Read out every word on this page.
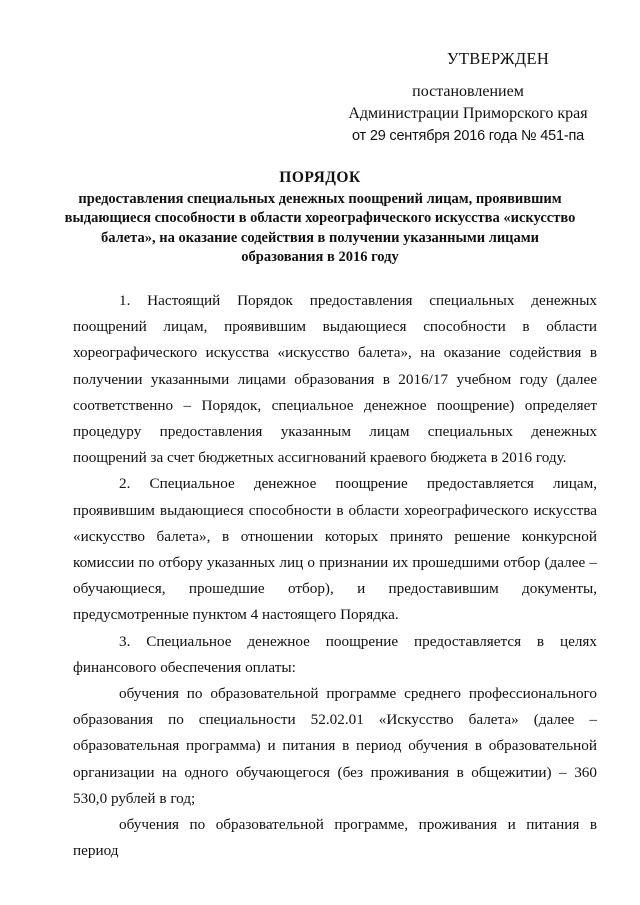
УТВЕРЖДЕН
постановлением
Администрации Приморского края
от 29 сентября 2016 года № 451-па
ПОРЯДОК
предоставления специальных денежных поощрений лицам, проявившим выдающиеся способности в области хореографического искусства «искусство балета», на оказание содействия в получении указанными лицами образования в 2016 году

1. Настоящий Порядок предоставления специальных денежных поощрений лицам, проявившим выдающиеся способности в области хореографического искусства «искусство балета», на оказание содействия в получении указанными лицами образования в 2016/17 учебном году (далее соответственно – Порядок, специальное денежное поощрение) определяет процедуру предоставления указанным лицам специальных денежных поощрений за счет бюджетных ассигнований краевого бюджета в 2016 году.

2. Специальное денежное поощрение предоставляется лицам, проявившим выдающиеся способности в области хореографического искусства «искусство балета», в отношении которых принято решение конкурсной комиссии по отбору указанных лиц о признании их прошедшими отбор (далее – обучающиеся, прошедшие отбор), и предоставившим документы, предусмотренные пунктом 4 настоящего Порядка.

3. Специальное денежное поощрение предоставляется в целях финансового обеспечения оплаты:

обучения по образовательной программе среднего профессионального образования по специальности 52.02.01 «Искусство балета» (далее – образовательная программа) и питания в период обучения в образовательной организации на одного обучающегося (без проживания в общежитии) – 360 530,0 рублей в год;

обучения по образовательной программе, проживания и питания в период
